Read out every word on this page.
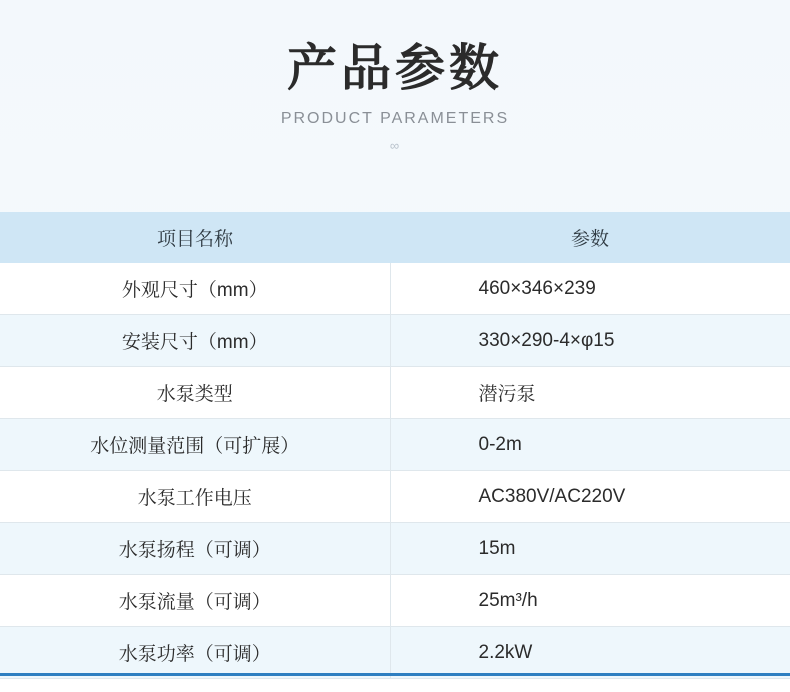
产品参数
PRODUCT PARAMETERS
∞
项目名称	参数
外观尺寸（mm）	460×346×239
安装尺寸（mm）	330×290-4×φ15
水泵类型	潜污泵
水位测量范围（可扩展）	0-2m
水泵工作电压	AC380V/AC220V
水泵扬程（可调）	15m
水泵流量（可调）	25m³/h
水泵功率（可调）	2.2kW
